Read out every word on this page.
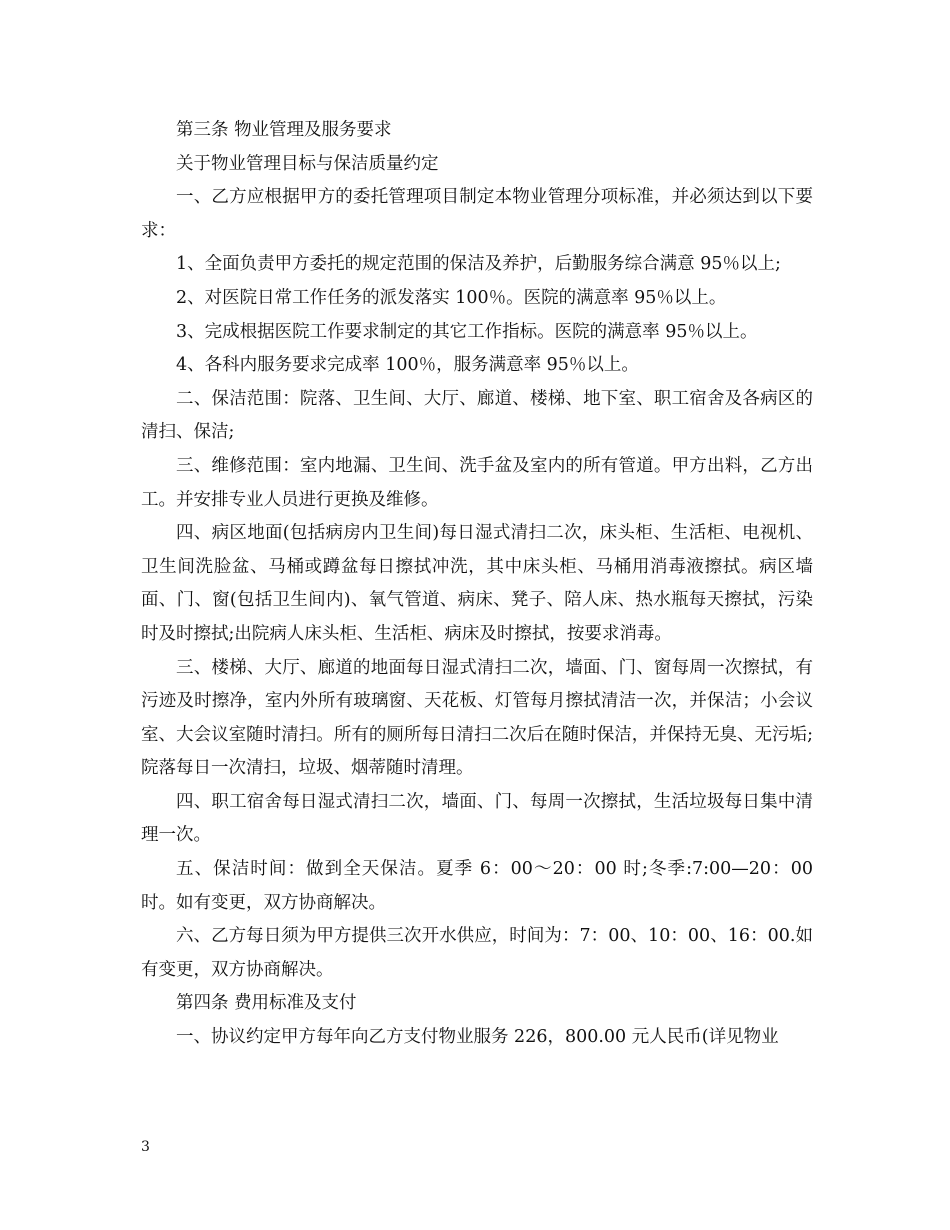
第三条 物业管理及服务要求

关于物业管理目标与保洁质量约定

一、乙方应根据甲方的委托管理项目制定本物业管理分项标准，并必须达到以下要求：

1、全面负责甲方委托的规定范围的保洁及养护，后勤服务综合满意 95％以上;

2、对医院日常工作任务的派发落实 100％。医院的满意率 95％以上。

3、完成根据医院工作要求制定的其它工作指标。医院的满意率 95％以上。

4、各科内服务要求完成率 100％，服务满意率 95％以上。

二、保洁范围：院落、卫生间、大厅、廊道、楼梯、地下室、职工宿舍及各病区的清扫、保洁;

三、维修范围：室内地漏、卫生间、洗手盆及室内的所有管道。甲方出料，乙方出工。并安排专业人员进行更换及维修。

四、病区地面(包括病房内卫生间)每日湿式清扫二次，床头柜、生活柜、电视机、卫生间洗脸盆、马桶或蹲盆每日擦拭冲洗，其中床头柜、马桶用消毒液擦拭。病区墙面、门、窗(包括卫生间内)、氧气管道、病床、凳子、陪人床、热水瓶每天擦拭，污染时及时擦拭;出院病人床头柜、生活柜、病床及时擦拭，按要求消毒。

三、楼梯、大厅、廊道的地面每日湿式清扫二次，墙面、门、窗每周一次擦拭，有污迹及时擦净，室内外所有玻璃窗、天花板、灯管每月擦拭清洁一次，并保洁；小会议室、大会议室随时清扫。所有的厕所每日清扫二次后在随时保洁，并保持无臭、无污垢;院落每日一次清扫，垃圾、烟蒂随时清理。

四、职工宿舍每日湿式清扫二次，墙面、门、每周一次擦拭，生活垃圾每日集中清理一次。

五、保洁时间：做到全天保洁。夏季 6：00～20：00 时;冬季:7:00—20：00 时。如有变更，双方协商解决。

六、乙方每日须为甲方提供三次开水供应，时间为：7：00、10：00、16：00.如有变更，双方协商解决。

第四条 费用标准及支付

一、协议约定甲方每年向乙方支付物业服务 226，800.00 元人民币(详见物业

3
